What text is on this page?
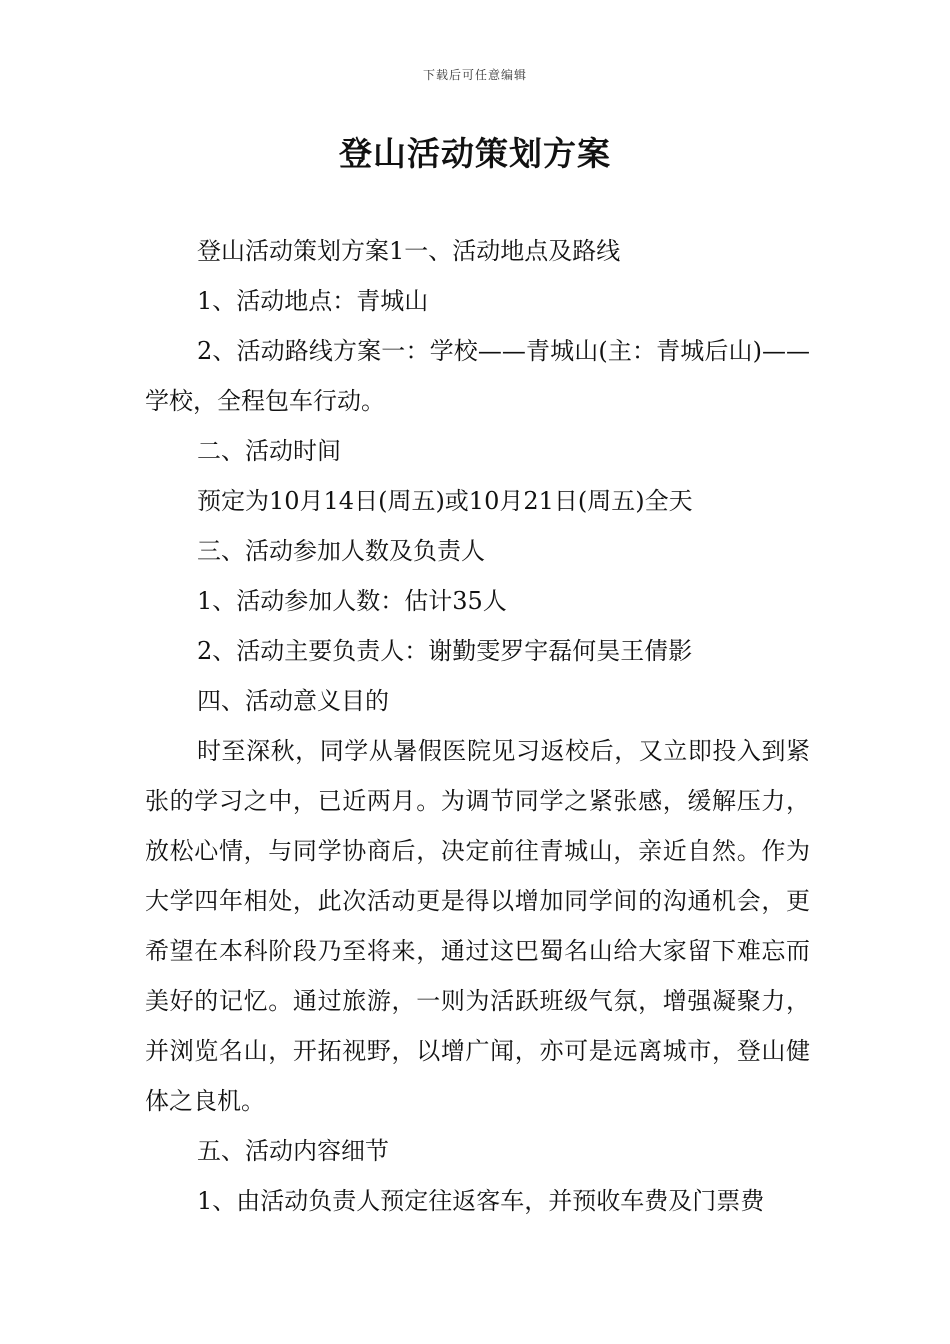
下载后可任意编辑
登山活动策划方案

登山活动策划方案1一、活动地点及路线

1、活动地点：青城山

2、活动路线方案一：学校——青城山(主：青城后山)——学校，全程包车行动。

二、活动时间

预定为10月14日(周五)或10月21日(周五)全天

三、活动参加人数及负责人

1、活动参加人数：估计35人

2、活动主要负责人：谢勤雯罗宇磊何昊王倩影

四、活动意义目的

时至深秋，同学从暑假医院见习返校后，又立即投入到紧张的学习之中，已近两月。为调节同学之紧张感，缓解压力，放松心情，与同学协商后，决定前往青城山，亲近自然。作为大学四年相处，此次活动更是得以增加同学间的沟通机会，更希望在本科阶段乃至将来，通过这巴蜀名山给大家留下难忘而美好的记忆。通过旅游，一则为活跃班级气氛，增强凝聚力，并浏览名山，开拓视野，以增广闻，亦可是远离城市，登山健体之良机。

五、活动内容细节

1、由活动负责人预定往返客车，并预收车费及门票费
